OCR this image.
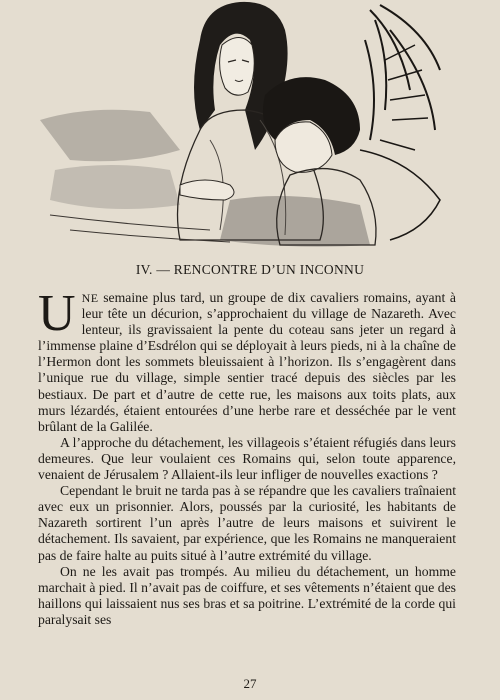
IV. — RENCONTRE D’UN INCONNU

UNE semaine plus tard, un groupe de dix cavaliers romains, ayant à leur tête un décurion, s’approchaient du village de Nazareth. Avec lenteur, ils gravissaient la pente du coteau sans jeter un regard à l’immense plaine d’Esdrélon qui se déployait à leurs pieds, ni à la chaîne de l’Hermon dont les sommets bleuissaient à l’horizon. Ils s’engagèrent dans l’unique rue du village, simple sentier tracé depuis des siècles par les bestiaux. De part et d’autre de cette rue, les maisons aux toits plats, aux murs lézardés, étaient entourées d’une herbe rare et desséchée par le vent brûlant de la Galilée.

A l’approche du détachement, les villageois s’étaient réfugiés dans leurs demeures. Que leur voulaient ces Romains qui, selon toute apparence, venaient de Jérusalem ? Allaient-ils leur infliger de nouvelles exactions ?

Cependant le bruit ne tarda pas à se répandre que les cavaliers traînaient avec eux un prisonnier. Alors, poussés par la curiosité, les habitants de Nazareth sortirent l’un après l’autre de leurs maisons et suivirent le détachement. Ils savaient, par expérience, que les Romains ne manqueraient pas de faire halte au puits situé à l’autre extrémité du village.

On ne les avait pas trompés. Au milieu du détachement, un homme marchait à pied. Il n’avait pas de coiffure, et ses vêtements n’étaient que des haillons qui laissaient nus ses bras et sa poitrine. L’extrémité de la corde qui paralysait ses

27
